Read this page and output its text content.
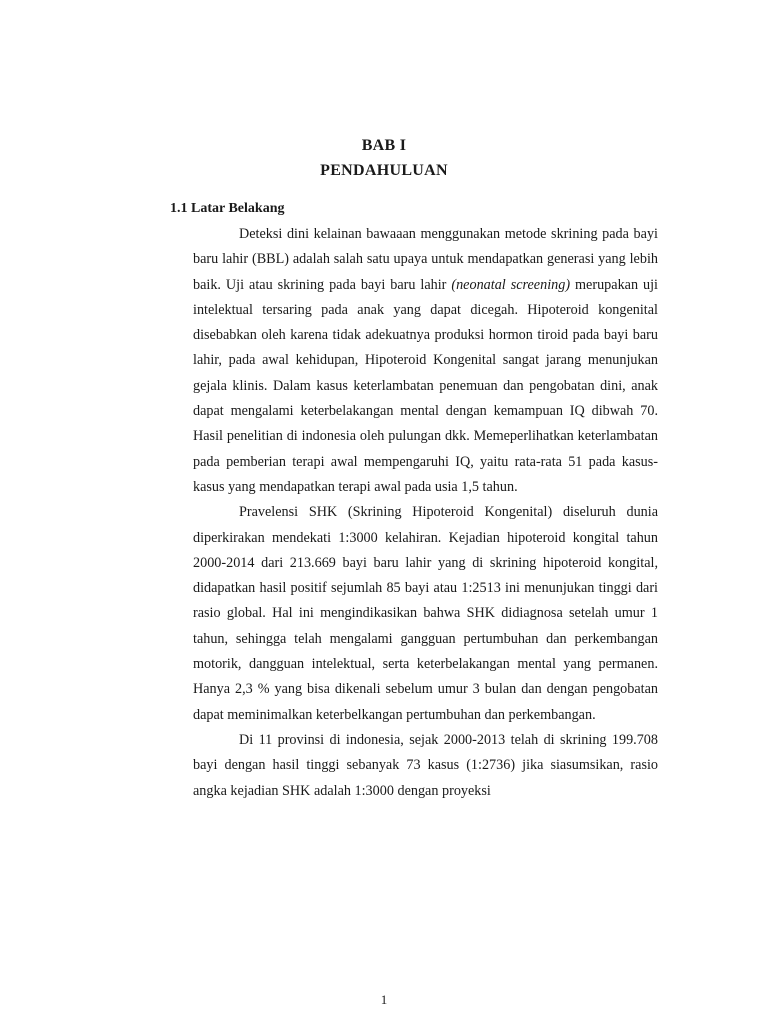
BAB I
PENDAHULUAN
1.1 Latar Belakang

Deteksi dini kelainan bawaaan menggunakan metode skrining pada bayi baru lahir (BBL) adalah salah satu upaya untuk mendapatkan generasi yang lebih baik. Uji atau skrining pada bayi baru lahir (neonatal screening) merupakan uji intelektual tersaring pada anak yang dapat dicegah. Hipoteroid kongenital disebabkan oleh karena tidak adekuatnya produksi hormon tiroid pada bayi baru lahir, pada awal kehidupan, Hipoteroid Kongenital sangat jarang menunjukan gejala klinis. Dalam kasus keterlambatan penemuan dan pengobatan dini, anak dapat mengalami keterbelakangan mental dengan kemampuan IQ dibwah 70. Hasil penelitian di indonesia oleh pulungan dkk. Memeperlihatkan keterlambatan pada pemberian terapi awal mempengaruhi IQ, yaitu rata-rata 51 pada kasus-kasus yang mendapatkan terapi awal pada usia 1,5 tahun.

Pravelensi SHK (Skrining Hipoteroid Kongenital) diseluruh dunia diperkirakan mendekati 1:3000 kelahiran. Kejadian hipoteroid kongital tahun 2000-2014 dari 213.669 bayi baru lahir yang di skrining hipoteroid kongital, didapatkan hasil positif sejumlah 85 bayi atau 1:2513 ini menunjukan tinggi dari rasio global. Hal ini mengindikasikan bahwa SHK didiagnosa setelah umur 1 tahun, sehingga telah mengalami gangguan pertumbuhan dan perkembangan motorik, dangguan intelektual, serta keterbelakangan mental yang permanen. Hanya 2,3 % yang bisa dikenali sebelum umur 3 bulan dan dengan pengobatan dapat meminimalkan keterbelkangan pertumbuhan dan perkembangan.

Di 11 provinsi di indonesia, sejak 2000-2013 telah di skrining 199.708 bayi dengan hasil tinggi sebanyak 73 kasus (1:2736) jika siasumsikan, rasio angka kejadian SHK adalah 1:3000 dengan proyeksi

1
